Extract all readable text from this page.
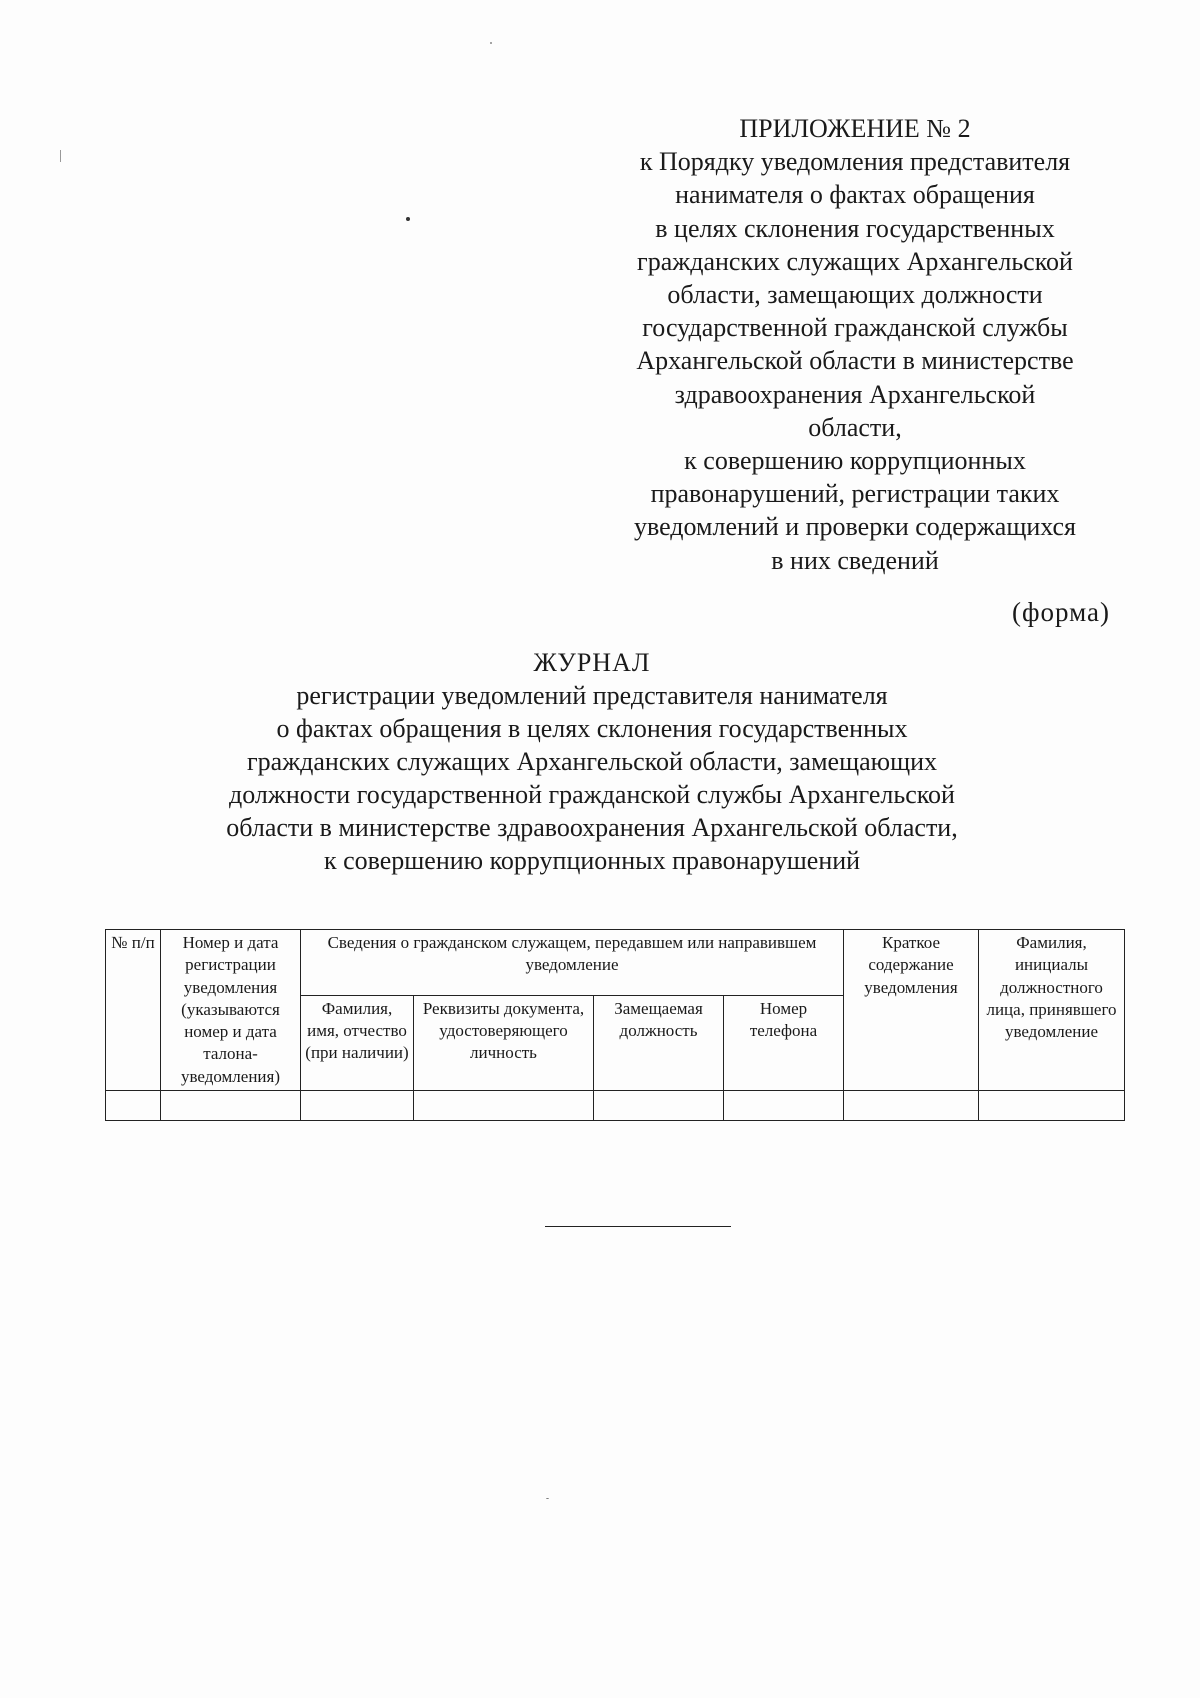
ПРИЛОЖЕНИЕ № 2
к Порядку уведомления представителя
нанимателя о фактах обращения
в целях склонения государственных
гражданских служащих Архангельской
области, замещающих должности
государственной гражданской службы
Архангельской области в министерстве
здравоохранения Архангельской
области,
к совершению коррупционных
правонарушений, регистрации таких
уведомлений и проверки содержащихся
в них сведений
(форма)
ЖУРНАЛ
регистрации уведомлений представителя нанимателя
о фактах обращения в целях склонения государственных
гражданских служащих Архангельской области, замещающих
должности государственной гражданской службы Архангельской
области в министерстве здравоохранения Архангельской области,
к совершению коррупционных правонарушений
№ п/п	Номер и дата регистрации уведомления (указываются номер и дата талона-уведомления)	Сведения о гражданском служащем, передавшем или направившем уведомление				Краткое содержание уведомления	Фамилия, инициалы должностного лица, принявшего уведомление
		Фамилия, имя, отчество (при наличии)	Реквизиты документа, удостоверяющего личность	Замещаемая должность	Номер телефона		
